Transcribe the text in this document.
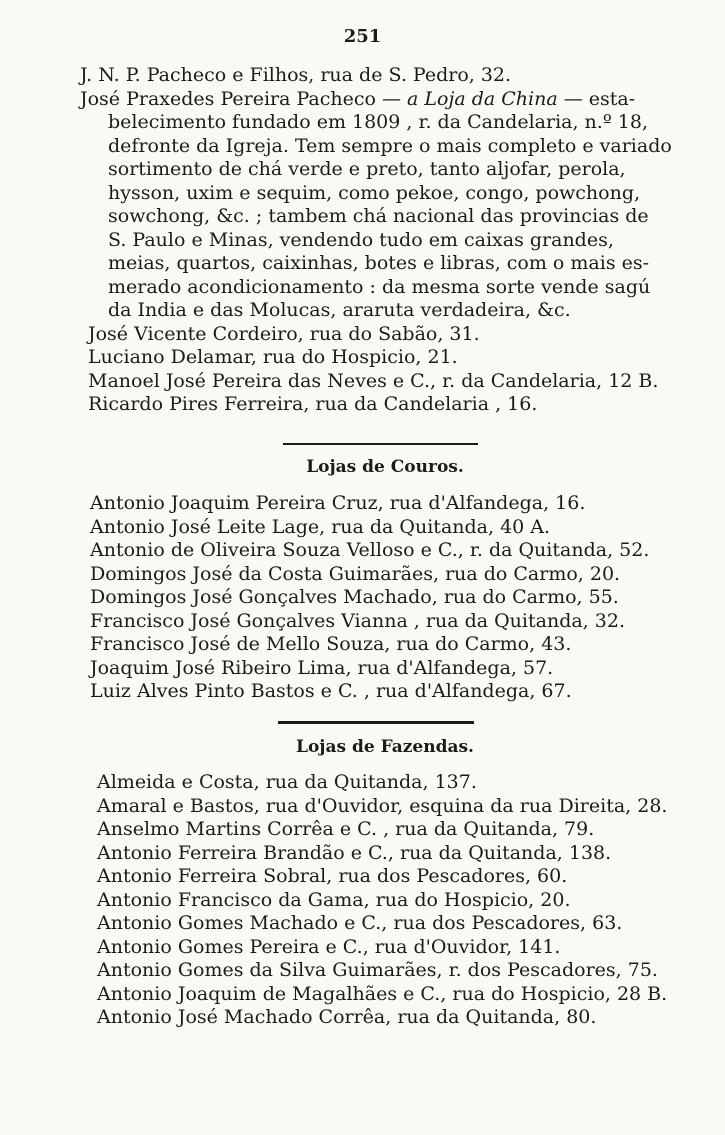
251

J. N. P. Pacheco e Filhos, rua de S. Pedro, 32.

José Praxedes Pereira Pacheco — a Loja da China — esta-

belecimento fundado em 1809 , r. da Candelaria, n.º 18,

defronte da Igreja. Tem sempre o mais completo e variado

sortimento de chá verde e preto, tanto aljofar, perola,

hysson, uxim e sequim, como pekoe, congo, powchong,

sowchong, &c. ; tambem chá nacional das provincias de

S. Paulo e Minas, vendendo tudo em caixas grandes,

meias, quartos, caixinhas, botes e libras, com o mais es-

merado acondicionamento : da mesma sorte vende sagú

da India e das Molucas, araruta verdadeira, &c.

José Vicente Cordeiro, rua do Sabão, 31.

Luciano Delamar, rua do Hospicio, 21.

Manoel José Pereira das Neves e C., r. da Candelaria, 12 B.

Ricardo Pires Ferreira, rua da Candelaria , 16.

Lojas de Couros.

Antonio Joaquim Pereira Cruz, rua d'Alfandega, 16.

Antonio José Leite Lage, rua da Quitanda, 40 A.

Antonio de Oliveira Souza Velloso e C., r. da Quitanda, 52.

Domingos José da Costa Guimarães, rua do Carmo, 20.

Domingos José Gonçalves Machado, rua do Carmo, 55.

Francisco José Gonçalves Vianna , rua da Quitanda, 32.

Francisco José de Mello Souza, rua do Carmo, 43.

Joaquim José Ribeiro Lima, rua d'Alfandega, 57.

Luiz Alves Pinto Bastos e C. , rua d'Alfandega, 67.

Lojas de Fazendas.

Almeida e Costa, rua da Quitanda, 137.

Amaral e Bastos, rua d'Ouvidor, esquina da rua Direita, 28.

Anselmo Martins Corrêa e C. , rua da Quitanda, 79.

Antonio Ferreira Brandão e C., rua da Quitanda, 138.

Antonio Ferreira Sobral, rua dos Pescadores, 60.

Antonio Francisco da Gama, rua do Hospicio, 20.

Antonio Gomes Machado e C., rua dos Pescadores, 63.

Antonio Gomes Pereira e C., rua d'Ouvidor, 141.

Antonio Gomes da Silva Guimarães, r. dos Pescadores, 75.

Antonio Joaquim de Magalhães e C., rua do Hospicio, 28 B.

Antonio José Machado Corrêa, rua da Quitanda, 80.
